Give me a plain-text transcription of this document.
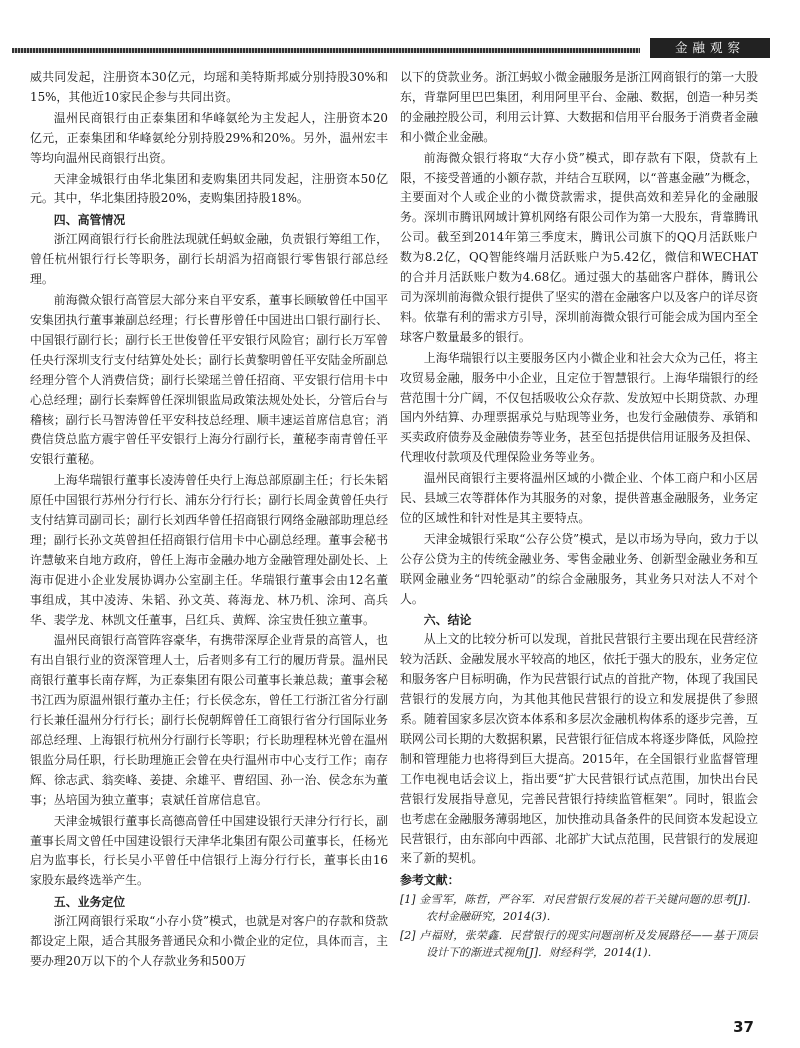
金融观察

威共同发起，注册资本30亿元，均瑶和美特斯邦威分别持股30%和15%，其他近10家民企参与共同出资。

温州民商银行由正泰集团和华峰氨纶为主发起人，注册资本20亿元，正泰集团和华峰氨纶分别持股29%和20%。另外，温州宏丰等均向温州民商银行出资。

天津金城银行由华北集团和麦购集团共同发起，注册资本50亿元。其中，华北集团持股20%，麦购集团持股18%。

四、高管情况

浙江网商银行行长俞胜法现就任蚂蚁金融，负责银行筹组工作，曾任杭州银行行长等职务，副行长胡滔为招商银行零售银行部总经理。

前海微众银行高管层大部分来自平安系，董事长顾敏曾任中国平安集团执行董事兼副总经理；行长曹彤曾任中国进出口银行副行长、中国银行副行长；副行长王世俊曾任平安银行风险官；副行长万军曾任央行深圳支行支付结算处处长；副行长黄黎明曾任平安陆金所副总经理分管个人消费信贷；副行长梁瑶兰曾任招商、平安银行信用卡中心总经理；副行长秦辉曾任深圳银监局政策法规处处长，分管后台与稽核；副行长马智涛曾任平安科技总经理、顺丰速运首席信息官；消费信贷总监方震宇曾任平安银行上海分行副行长，董秘李南青曾任平安银行董秘。

上海华瑞银行董事长凌涛曾任央行上海总部原副主任；行长朱韬原任中国银行苏州分行行长、浦东分行行长；副行长周金黄曾任央行支付结算司副司长；副行长刘西华曾任招商银行网络金融部助理总经理；副行长孙文英曾担任招商银行信用卡中心副总经理。董事会秘书许慧敏来自地方政府，曾任上海市金融办地方金融管理处副处长、上海市促进小企业发展协调办公室副主任。华瑞银行董事会由12名董事组成，其中凌涛、朱韬、孙文英、蒋海龙、林乃机、涂珂、高兵华、裴学龙、林凯文任董事，吕红兵、黄辉、涂宝贵任独立董事。

温州民商银行高管阵容豪华，有携带深厚企业背景的高管人，也有出自银行业的资深管理人士，后者则多有工行的履历背景。温州民商银行董事长南存辉，为正泰集团有限公司董事长兼总裁；董事会秘书江西为原温州银行董办主任；行长侯念东，曾任工行浙江省分行副行长兼任温州分行行长；副行长倪朝辉曾任工商银行省分行国际业务部总经理、上海银行杭州分行副行长等职；行长助理程林光曾在温州银监分局任职，行长助理施正会曾在央行温州市中心支行工作；南存辉、徐志武、翁奕峰、姜捷、余雄平、曹绍国、孙一治、侯念东为董事；丛培国为独立董事；袁斌任首席信息官。

天津金城银行董事长高德高曾任中国建设银行天津分行行长，副董事长周文曾任中国建设银行天津华北集团有限公司董事长，任杨光启为监事长，行长吴小平曾任中信银行上海分行行长，董事长由16家股东最终选举产生。

五、业务定位

浙江网商银行采取“小存小贷”模式，也就是对客户的存款和贷款都设定上限，适合其服务普通民众和小微企业的定位，具体而言，主要办理20万以下的个人存款业务和500万

以下的贷款业务。浙江蚂蚁小微金融服务是浙江网商银行的第一大股东，背靠阿里巴巴集团，利用阿里平台、金融、数据，创造一种另类的金融控股公司，利用云计算、大数据和信用平台服务于消费者金融和小微企业金融。

前海微众银行将取“大存小贷”模式，即存款有下限，贷款有上限，不接受普通的小额存款，并结合互联网，以“普惠金融”为概念，主要面对个人或企业的小微贷款需求，提供高效和差异化的金融服务。深圳市腾讯网域计算机网络有限公司作为第一大股东，背靠腾讯公司。截至到2014年第三季度末，腾讯公司旗下的QQ月活跃账户数为8.2亿，QQ智能终端月活跃账户为5.42亿，微信和WECHAT的合并月活跃账户数为4.68亿。通过强大的基础客户群体，腾讯公司为深圳前海微众银行提供了坚实的潜在金融客户以及客户的详尽资料。依靠有利的需求方引导，深圳前海微众银行可能会成为国内至全球客户数量最多的银行。

上海华瑞银行以主要服务区内小微企业和社会大众为己任，将主攻贸易金融，服务中小企业，且定位于智慧银行。上海华瑞银行的经营范围十分广阔，不仅包括吸收公众存款、发放短中长期贷款、办理国内外结算、办理票据承兑与贴现等业务，也发行金融债券、承销和买卖政府债券及金融债券等业务，甚至包括提供信用证服务及担保、代理收付款项及代理保险业务等业务。

温州民商银行主要将温州区域的小微企业、个体工商户和小区居民、县域三农等群体作为其服务的对象，提供普惠金融服务，业务定位的区域性和针对性是其主要特点。

天津金城银行采取“公存公贷”模式，是以市场为导向，致力于以公存公贷为主的传统金融业务、零售金融业务、创新型金融业务和互联网金融业务“四轮驱动”的综合金融服务，其业务只对法人不对个人。

六、结论

从上文的比较分析可以发现，首批民营银行主要出现在民营经济较为活跃、金融发展水平较高的地区，依托于强大的股东，业务定位和服务客户目标明确，作为民营银行试点的首批产物，体现了我国民营银行的发展方向，为其他其他民营银行的设立和发展提供了参照系。随着国家多层次资本体系和多层次金融机构体系的逐步完善，互联网公司长期的大数据积累，民营银行征信成本将逐步降低，风险控制和管理能力也将得到巨大提高。2015年，在全国银行业监督管理工作电视电话会议上，指出要“扩大民营银行试点范围，加快出台民营银行发展指导意见，完善民营银行持续监管框架”。同时，银监会也考虑在金融服务薄弱地区，加快推动具备条件的民间资本发起设立民营银行，由东部向中西部、北部扩大试点范围，民营银行的发展迎来了新的契机。

参考文献：
[1] 金雪军，陈哲，严谷军．对民营银行发展的若干关键问题的思考[J]．农村金融研究，2014(3)．
[2] 卢福财，张荣鑫．民营银行的现实问题剖析及发展路径——基于顶层设计下的渐进式视角[J]．财经科学，2014(1)．
37
